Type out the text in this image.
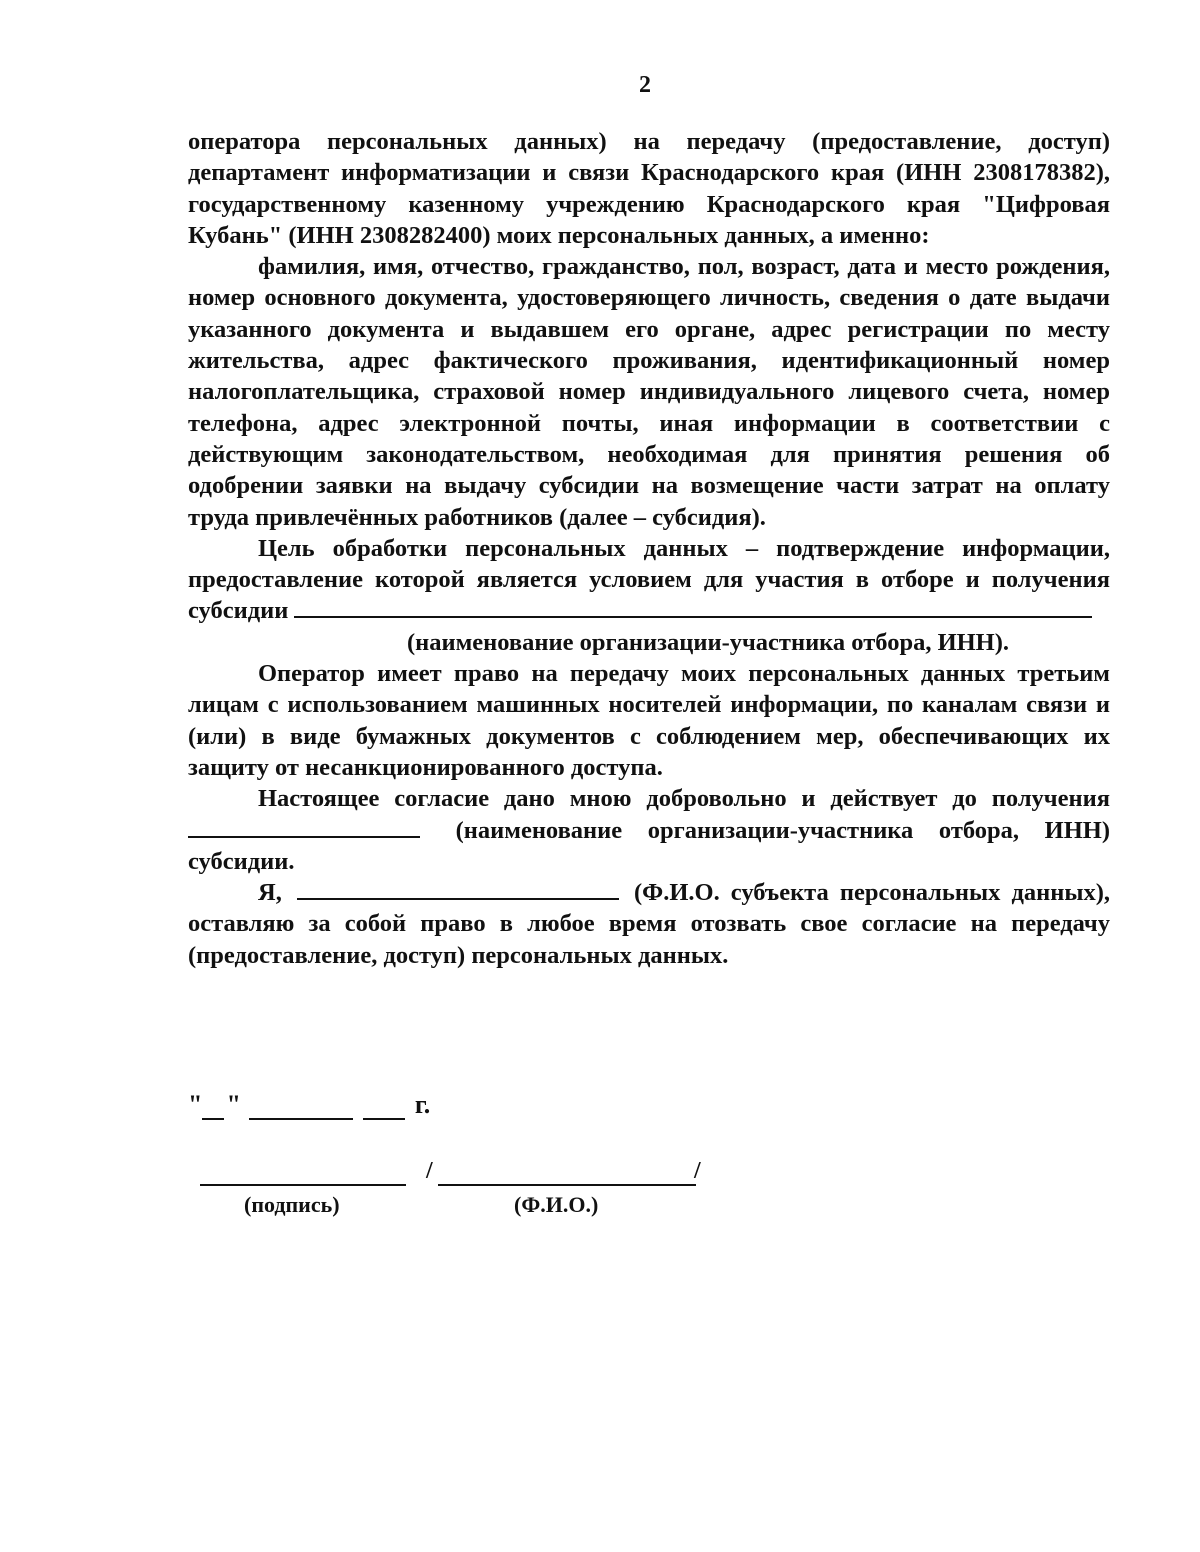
2

оператора персональных данных) на передачу (предоставление, доступ) департамент информатизации и связи Краснодарского края (ИНН 2308178382), государственному казенному учреждению Краснодарского края "Цифровая Кубань" (ИНН 2308282400) моих персональных данных, а именно:

фамилия, имя, отчество, гражданство, пол, возраст, дата и место рождения, номер основного документа, удостоверяющего личность, сведения о дате выдачи указанного документа и выдавшем его органе, адрес регистрации по месту жительства, адрес фактического проживания, идентификационный номер налогоплательщика, страховой номер индивидуального лицевого счета, номер телефона, адрес электронной почты, иная информации в соответствии с действующим законодательством, необходимая для принятия решения об одобрении заявки на выдачу субсидии на возмещение части затрат на оплату труда привлечённых работников (далее – субсидия).

Цель обработки персональных данных – подтверждение информации, предоставление которой является условием для участия в отборе и получения субсидии

(наименование организации-участника отбора, ИНН).

Оператор имеет право на передачу моих персональных данных третьим лицам с использованием машинных носителей информации, по каналам связи и (или) в виде бумажных документов с соблюдением мер, обеспечивающих их защиту от несанкционированного доступа.

Настоящее согласие дано мною добровольно и действует до получения  (наименование организации-участника отбора, ИНН) субсидии.

Я,	(Ф.И.О. субъекта персональных данных), оставляю за собой право в любое время отозвать свое согласие на передачу (предоставление, доступ) персональных данных.

" "	г.
/	/
(подпись)	(Ф.И.О.)
